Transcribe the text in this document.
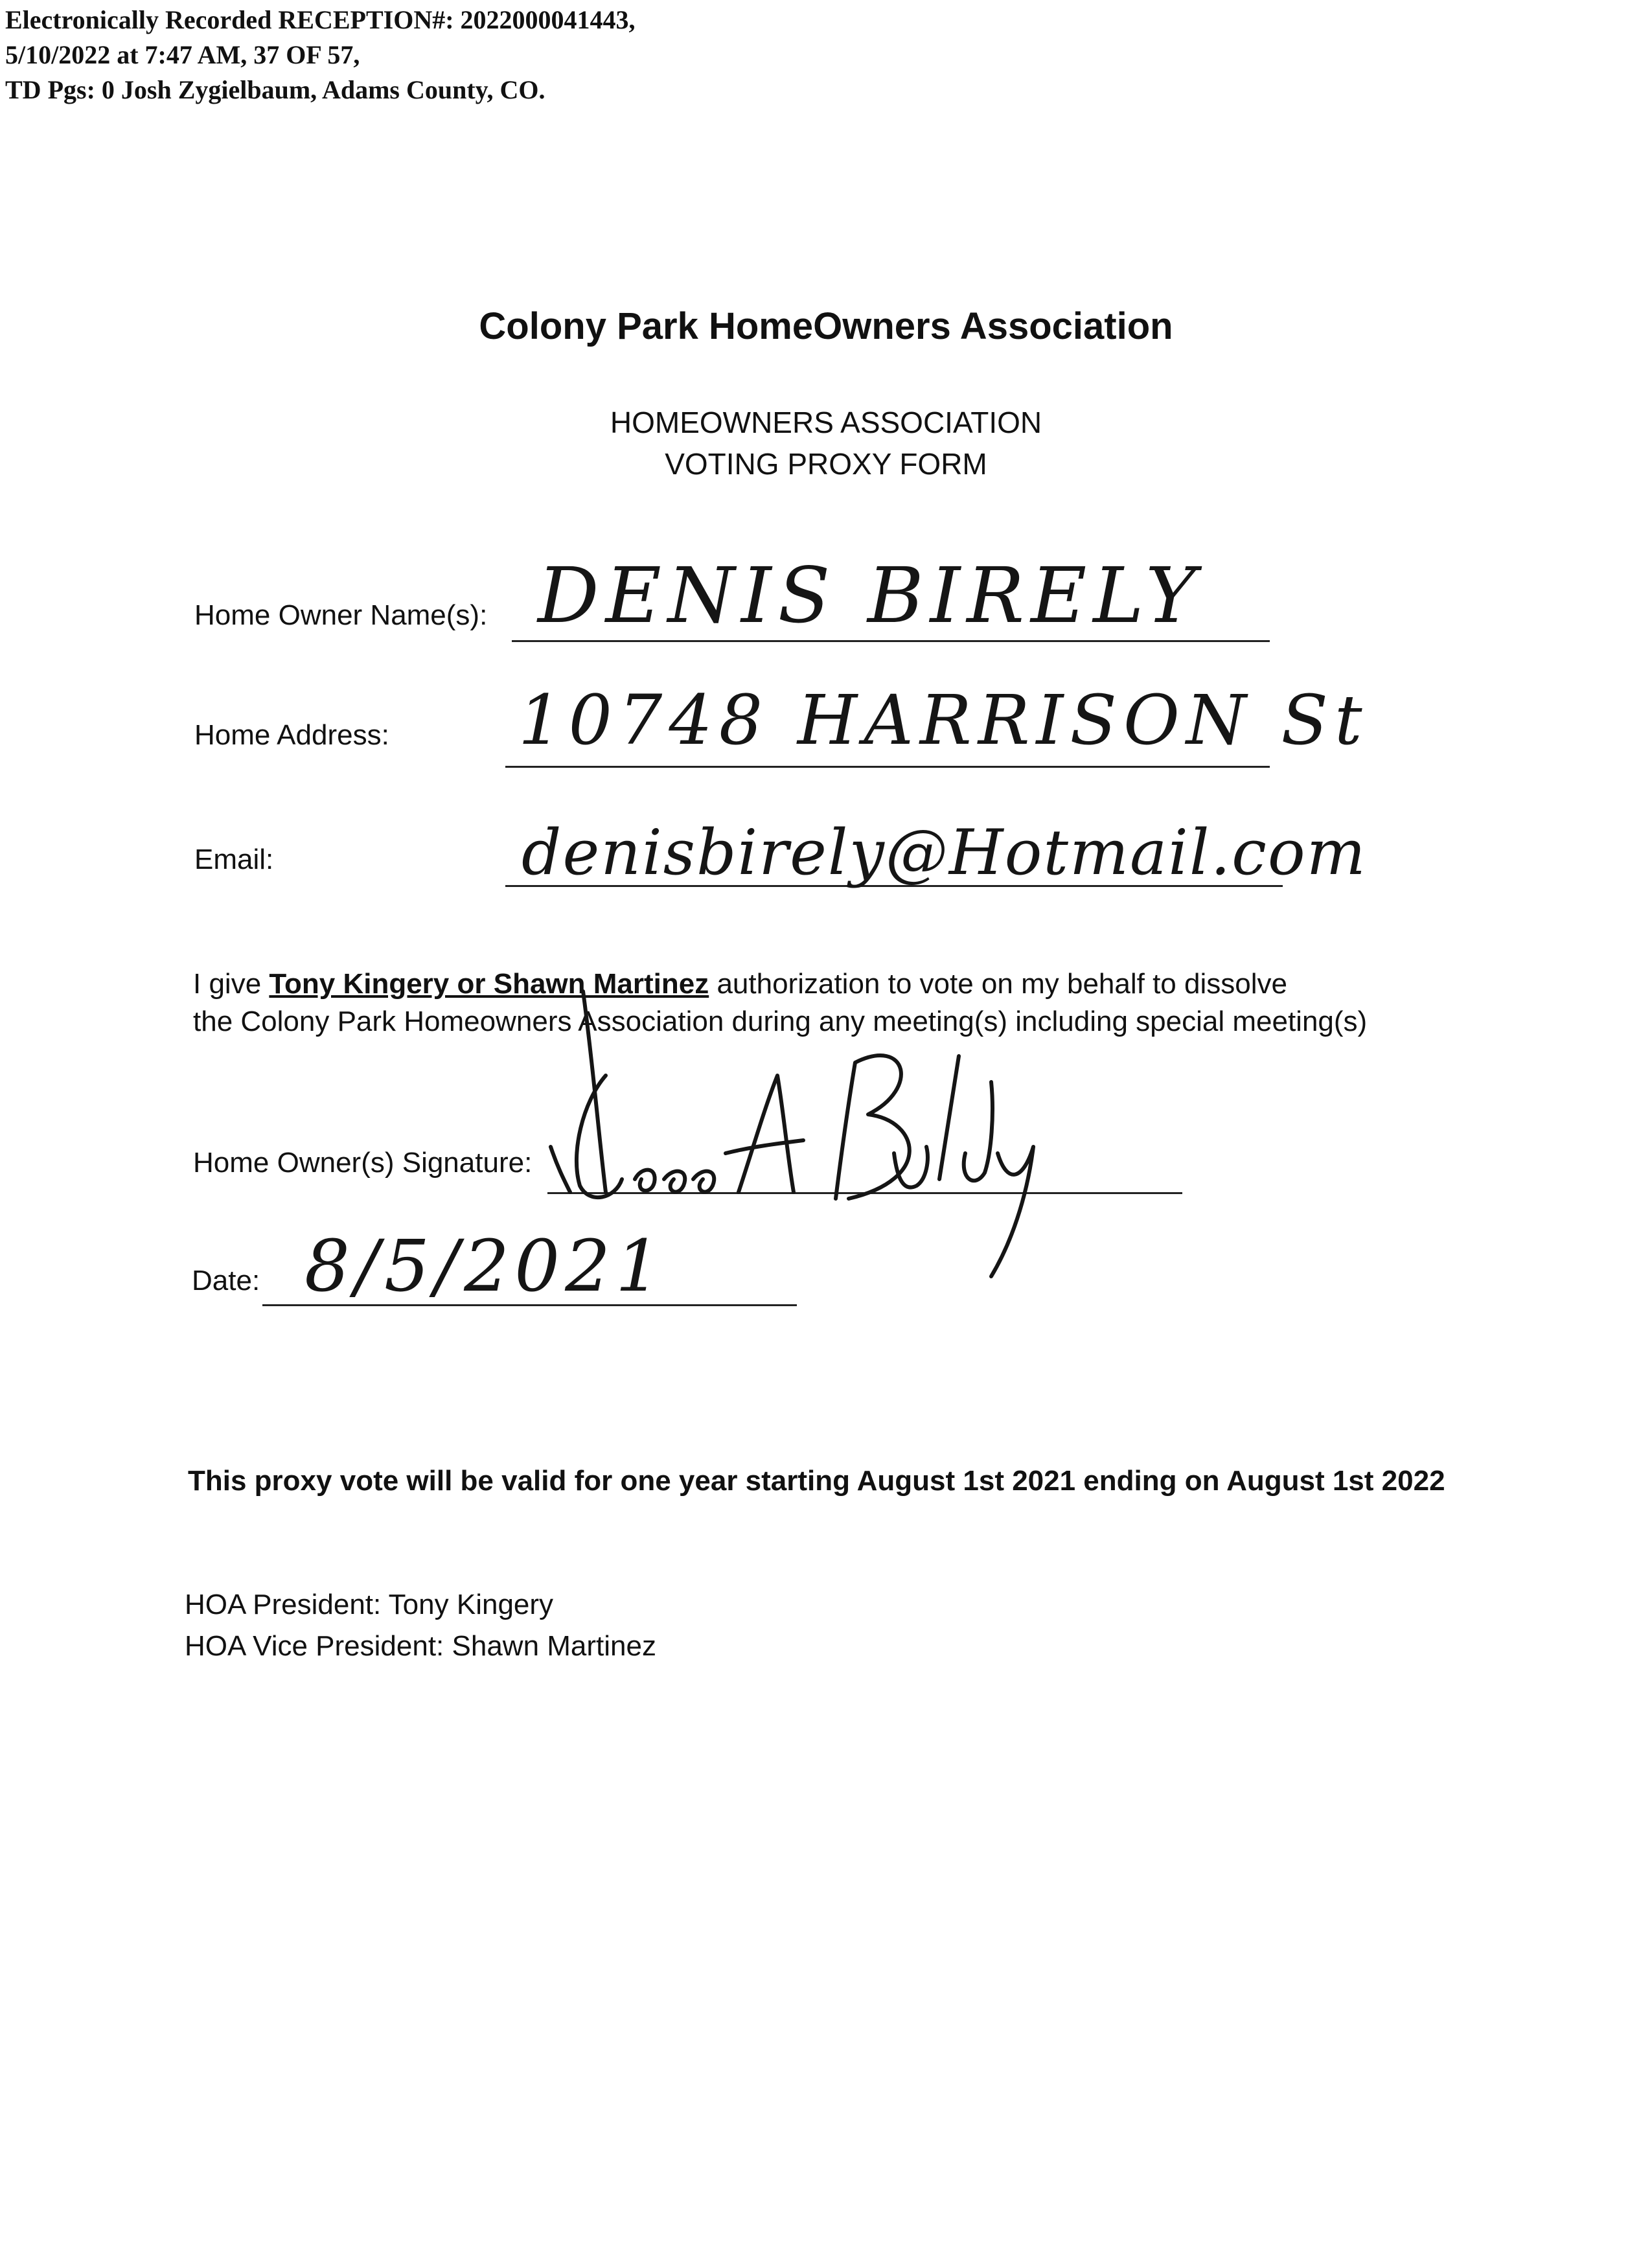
Electronically Recorded RECEPTION#: 2022000041443,
5/10/2022 at 7:47 AM, 37 OF 57,
TD Pgs: 0 Josh Zygielbaum, Adams County, CO.
Colony Park HomeOwners Association
HOMEOWNERS ASSOCIATION
VOTING PROXY FORM
Home Owner Name(s): DENIS BIRELY
Home Address: 10748 HARRISON St
Email:	denisbirely@Hotmail.com
I give Tony Kingery or Shawn Martinez authorization to vote on my behalf to dissolve
the Colony Park Homeowners Association during any meeting(s) including special meeting(s)
Home Owner(s) Signature:
Date: 8/5/2021
This proxy vote will be valid for one year starting August 1st 2021 ending on August 1st 2022
HOA President: Tony Kingery
HOA Vice President: Shawn Martinez
